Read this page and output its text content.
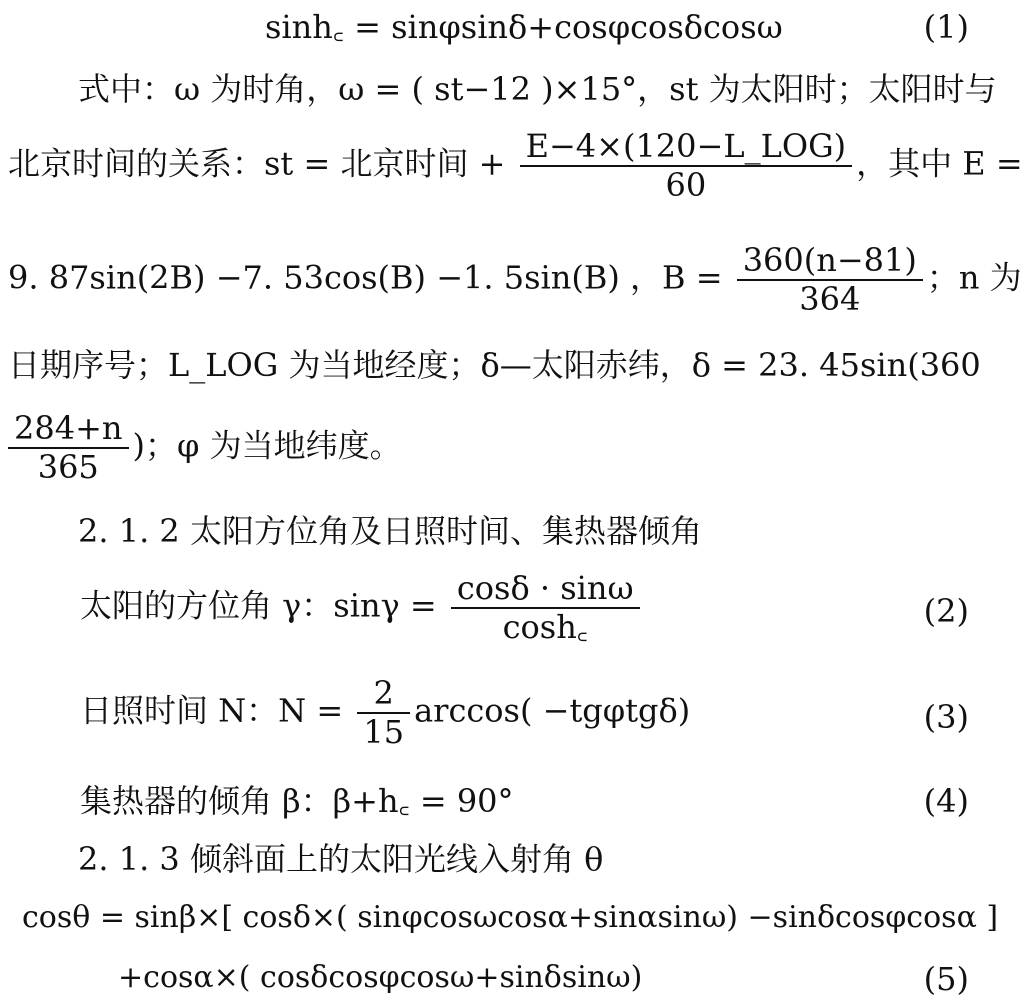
sinh꜀ = sinφsinδ+cosφcosδcosω	(1)
式中：ω 为时角，ω = ( st−12 )×15°，st 为太阳时；太阳时与
北京时间的关系：st = 北京时间 + $\frac{\text{E−4×(120−L\_LOG)}}{60}$ ，其中 E =
9. 87sin(2B) −7. 53cos(B) −1. 5sin(B) ，$B = \frac{360(n-81)}{364}$ ；n 为
日期序号；L_LOG 为当地经度；δ—太阳赤纬，δ = 23. 45sin(360
$\frac{284+n}{365}$ )；φ 为当地纬度。
2. 1. 2 太阳方位角及日照时间、集热器倾角
太阳的方位角 γ：$\sin\gamma = \frac{\cos\delta \cdot \sin\omega}{\cosh꜀}$	(2)
日照时间 N：$N = \frac{2}{15} \arccos( -tg\varphi tg\delta)$	(3)
集热器的倾角 β：β+h꜀ = 90°	(4)
2. 1. 3 倾斜面上的太阳光线入射角 θ
cosθ = sinβ×[ cosδ×( sinφcosωcosα+sinαsinω) −sinδcosφcosα ]
+cosα×( cosδcosφcosω+sinδsinω)	(5)
